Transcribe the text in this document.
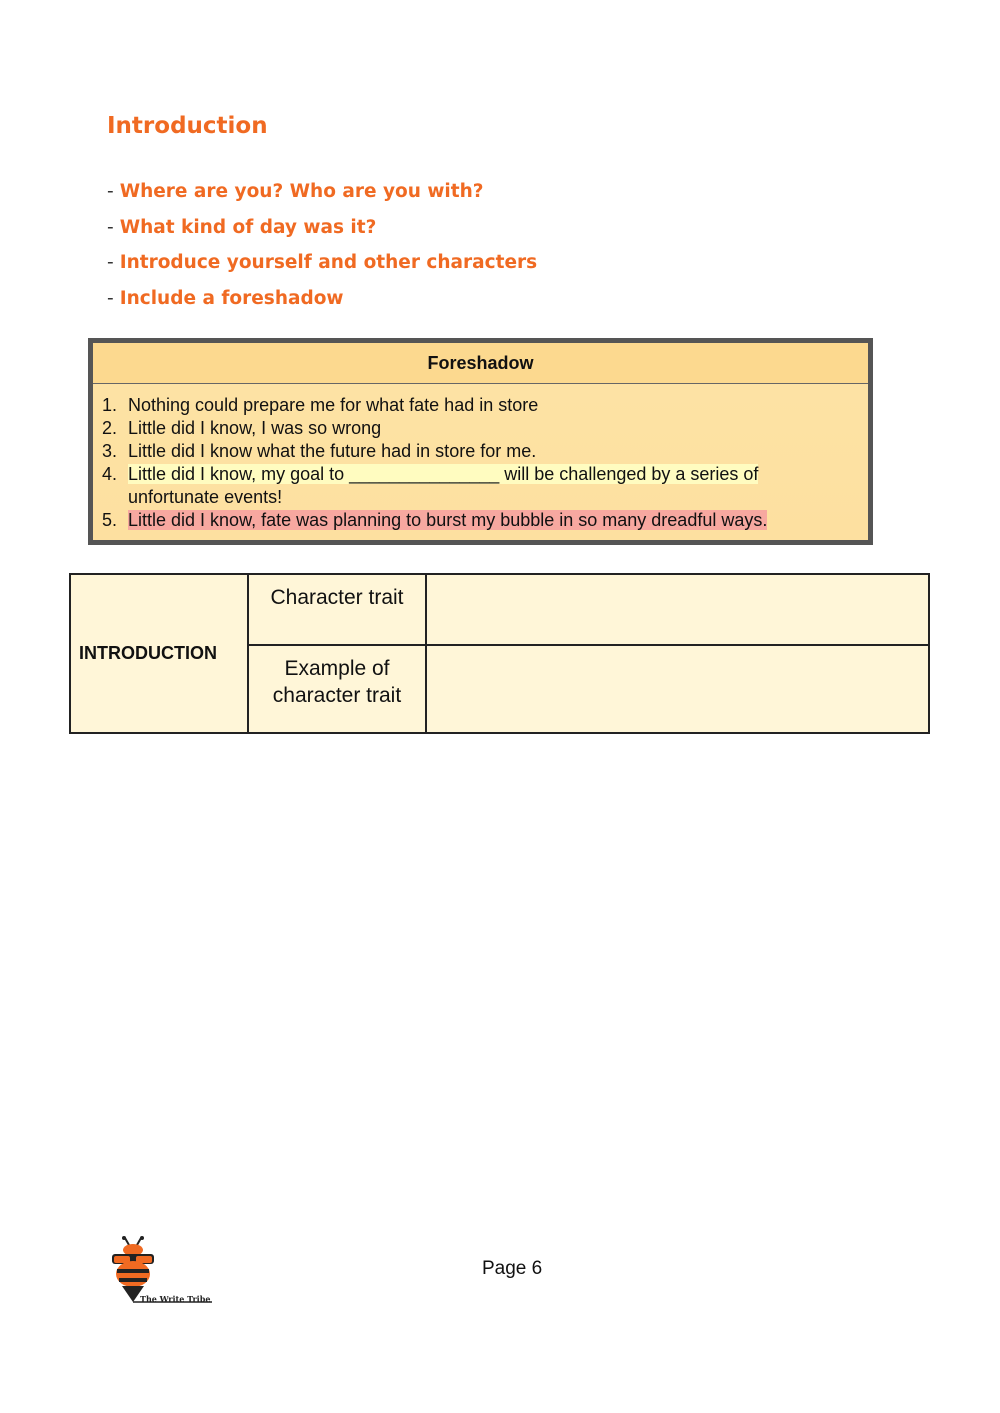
Introduction
- Where are you? Who are you with?
- What kind of day was it?
- Introduce yourself and other characters
- Include a foreshadow
Foreshadow
1. Nothing could prepare me for what fate had in store
2. Little did I know, I was so wrong
3. Little did I know what the future had in store for me.
4. Little did I know, my goal to _______________ will be challenged by a series of
unfortunate events!
5. Little did I know, fate was planning to burst my bubble in so many dreadful ways.
INTRODUCTION	Character trait	
	Example of
character trait	
The Write Tribe
Page 6
